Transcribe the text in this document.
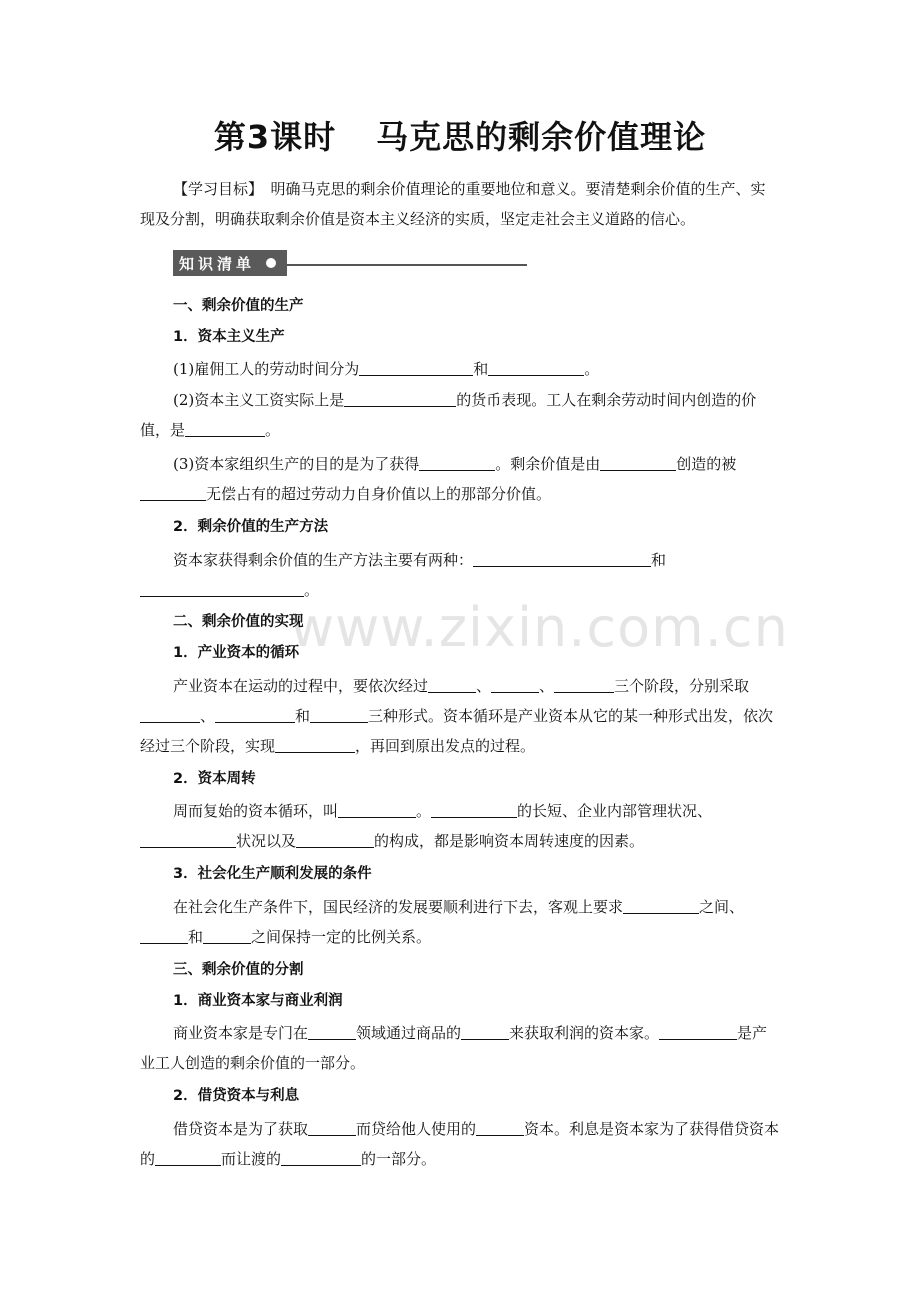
第3课时 马克思的剩余价值理论

【学习目标】　明确马克思的剩余价值理论的重要地位和意义。要清楚剩余价值的生产、实现及分割，明确获取剩余价值是资本主义经济的实质，坚定走社会主义道路的信心。

知识清单
www.zixin.com.cn

一、剩余价值的生产

1．资本主义生产

(1)雇佣工人的劳动时间分为	和	。

(2)资本主义工资实际上是	的货币表现。工人在剩余劳动时间内创造的价值，是	。

(3)资本家组织生产的目的是为了获得	。剩余价值是由	创造的被无偿占有的超过劳动力自身价值以上的那部分价值。

2．剩余价值的生产方法

资本家获得剩余价值的生产方法主要有两种：	和。

二、剩余价值的实现

1．产业资本的循环

产业资本在运动的过程中，要依次经过	、	、	三个阶段，分别采取、	和	三种形式。资本循环是产业资本从它的某一种形式出发，依次经过三个阶段，实现	，再回到原出发点的过程。

2．资本周转

周而复始的资本循环，叫	。	的长短、企业内部管理状况、状况以及	的构成，都是影响资本周转速度的因素。

3．社会化生产顺利发展的条件

在社会化生产条件下，国民经济的发展要顺利进行下去，客观上要求	之间、和	之间保持一定的比例关系。

三、剩余价值的分割

1．商业资本家与商业利润

商业资本家是专门在	领域通过商品的	来获取利润的资本家。	是产业工人创造的剩余价值的一部分。

2．借贷资本与利息

借贷资本是为了获取	而贷给他人使用的	资本。利息是资本家为了获得借贷资本的	而让渡的	的一部分。
